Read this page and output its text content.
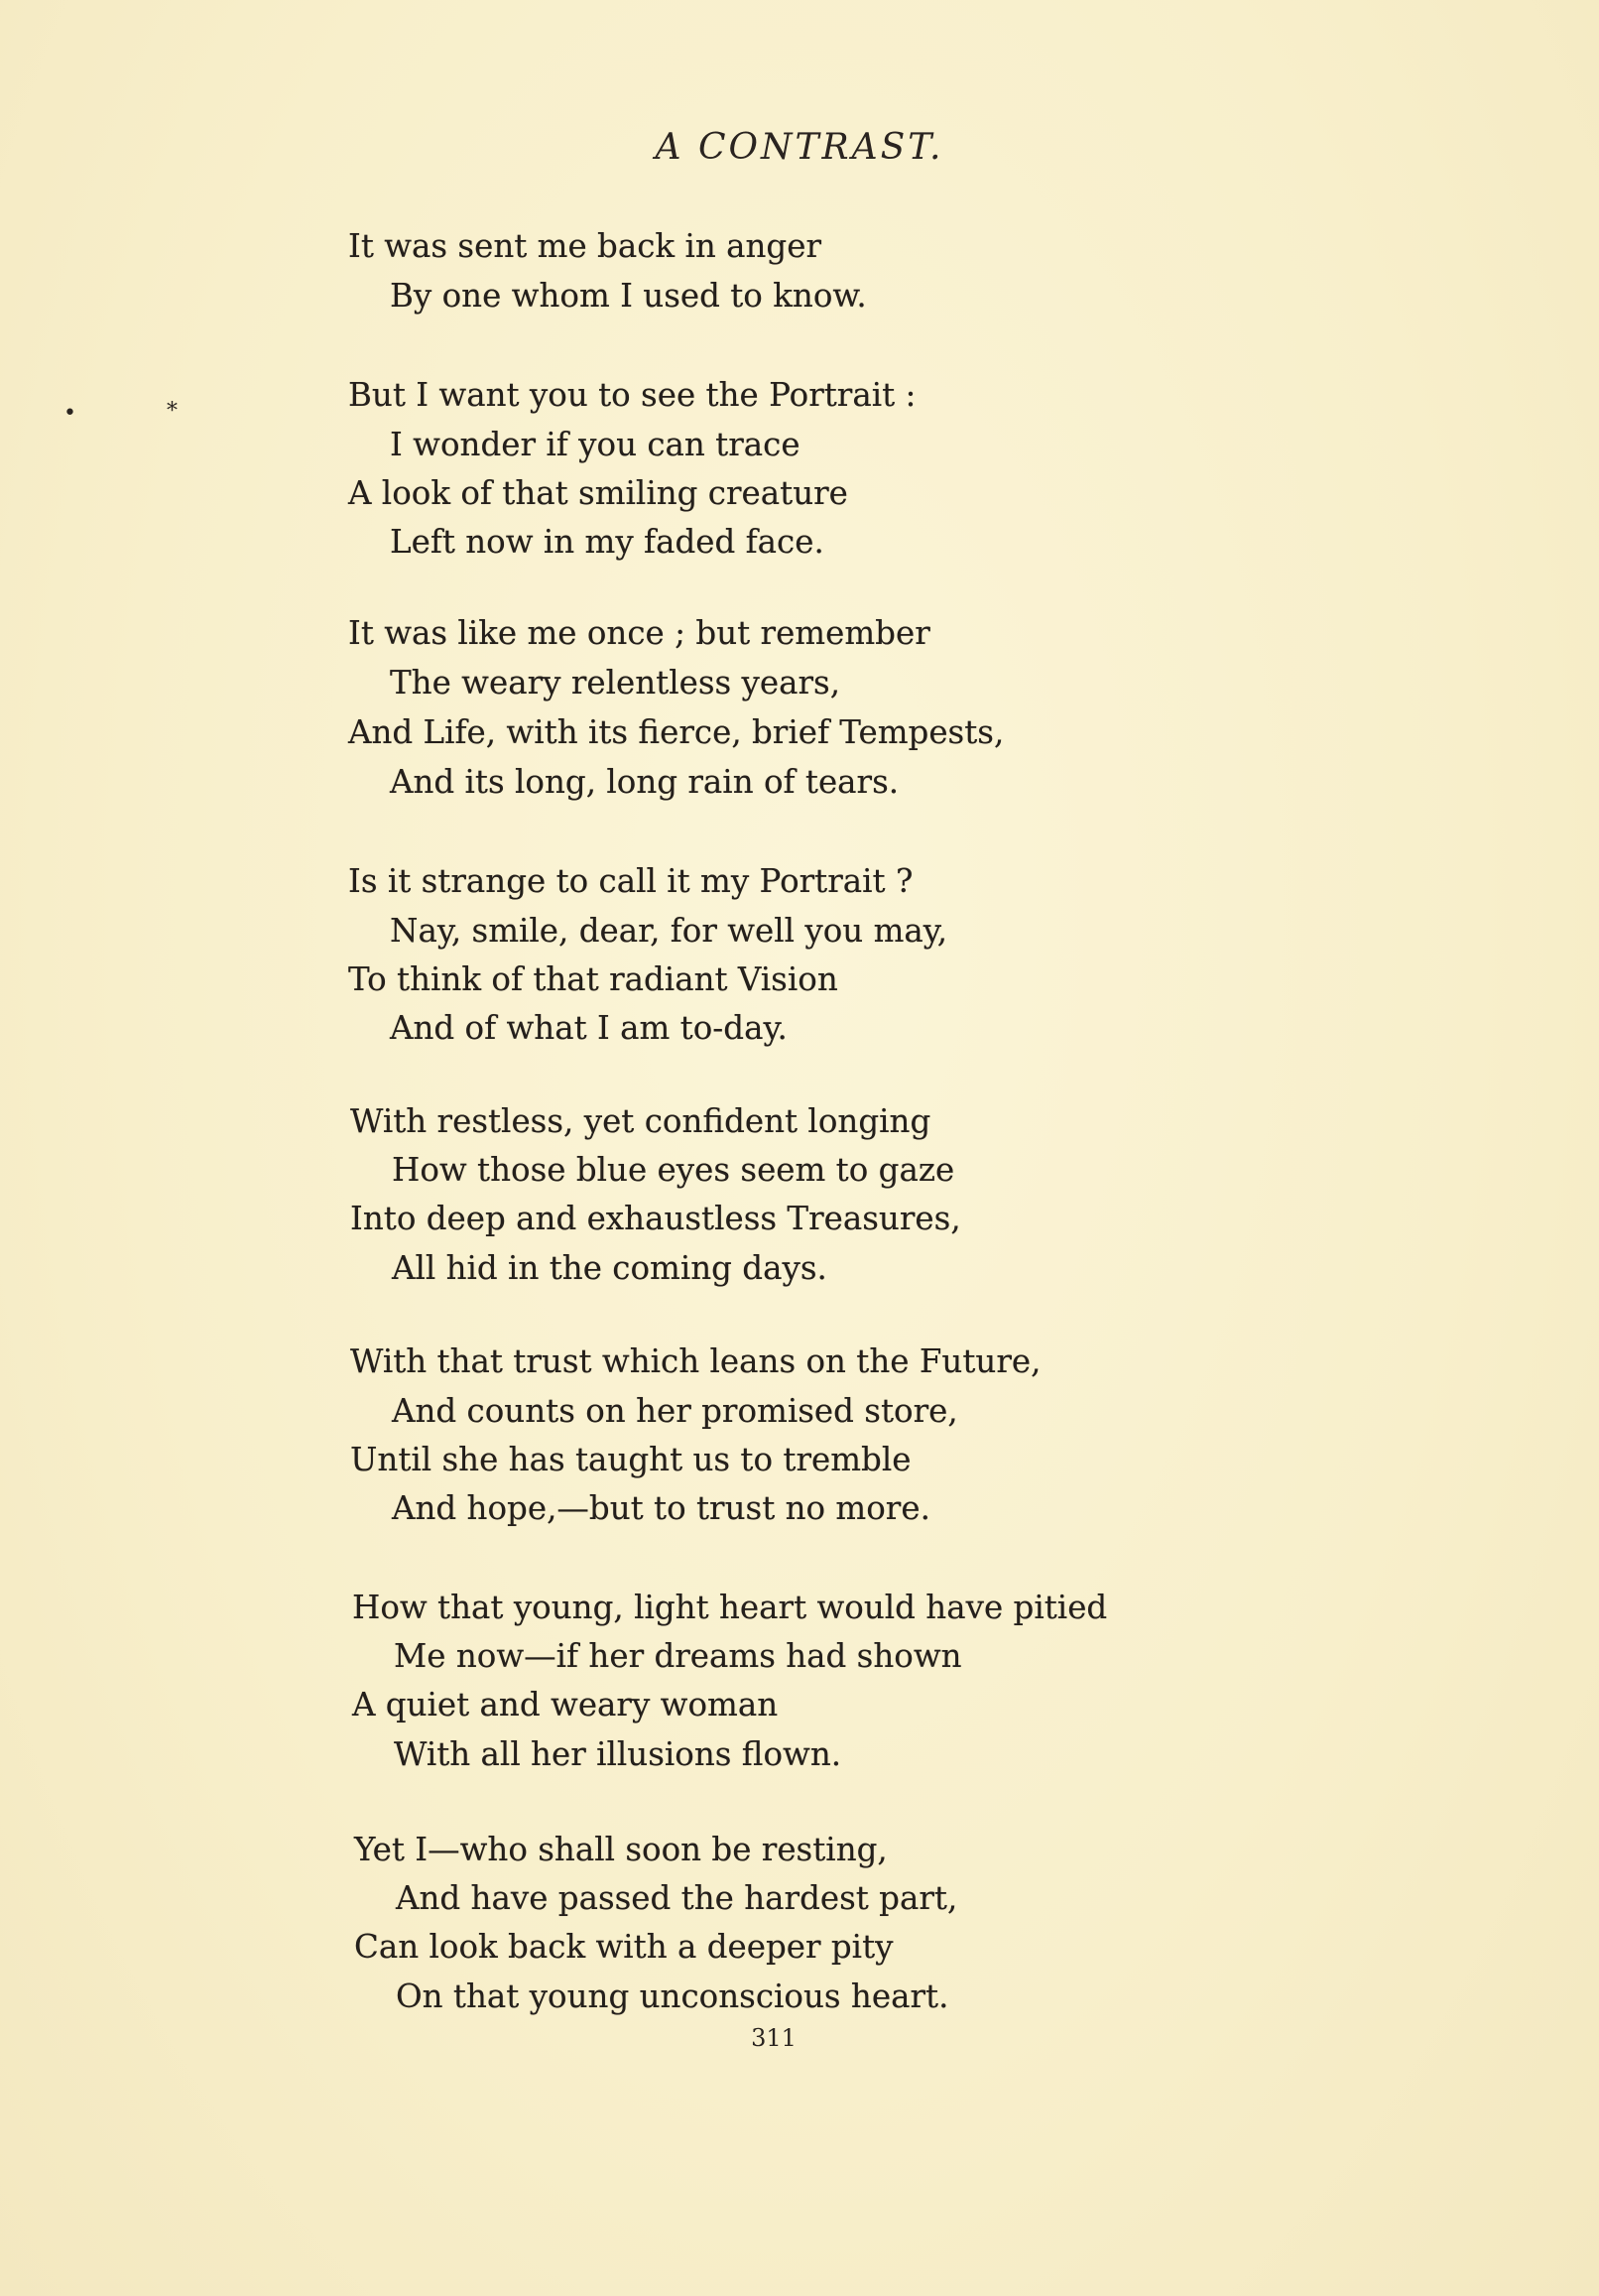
A CONTRAST.
•	*

It was sent me back in anger

By one whom I used to know.

But I want you to see the Portrait :

I wonder if you can trace

A look of that smiling creature

Left now in my faded face.

It was like me once ; but remember

The weary relentless years,

And Life, with its fierce, brief Tempests,

And its long, long rain of tears.

Is it strange to call it my Portrait ?

Nay, smile, dear, for well you may,

To think of that radiant Vision

And of what I am to-day.

With restless, yet confident longing

How those blue eyes seem to gaze

Into deep and exhaustless Treasures,

All hid in the coming days.

With that trust which leans on the Future,

And counts on her promised store,

Until she has taught us to tremble

And hope,—but to trust no more.

How that young, light heart would have pitied

Me now—if her dreams had shown

A quiet and weary woman

With all her illusions flown.

Yet I—who shall soon be resting,

And have passed the hardest part,

Can look back with a deeper pity

On that young unconscious heart.

311
